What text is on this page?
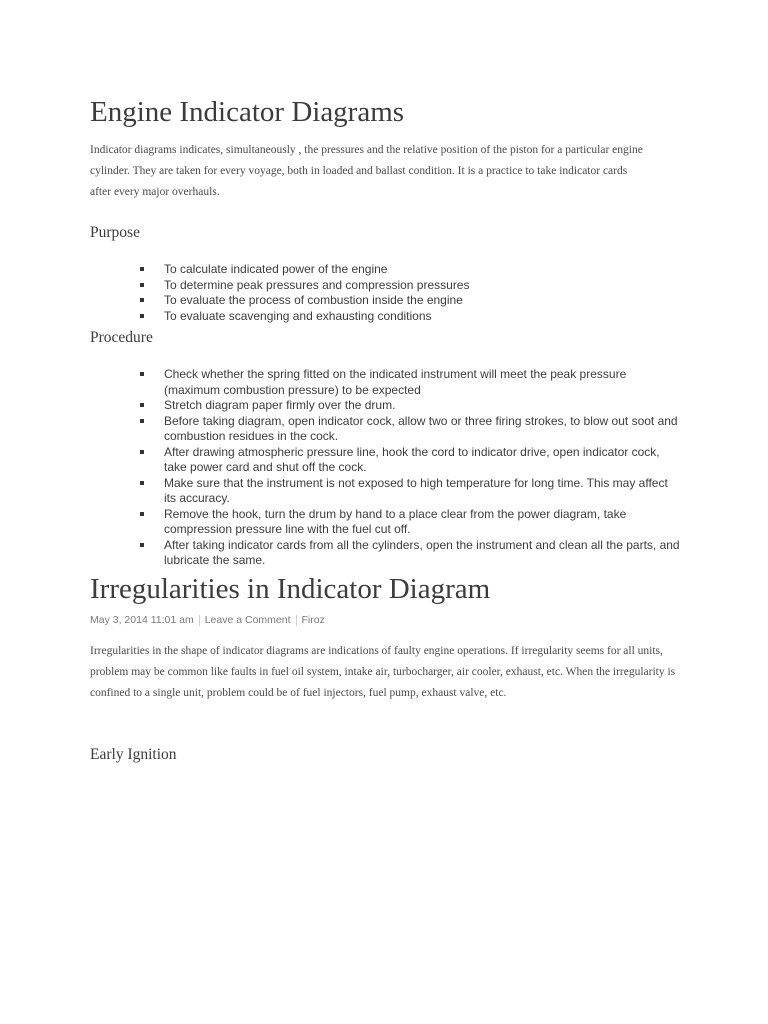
Engine Indicator Diagrams

Indicator diagrams indicates, simultaneously , the pressures and the relative position of the piston for a particular engine cylinder. They are taken for every voyage, both in loaded and ballast condition. It is a practice to take indicator cards after every major overhauls.

Purpose
To calculate indicated power of the engine
To determine peak pressures and compression pressures
To evaluate the process of combustion inside the engine
To evaluate scavenging and exhausting conditions
Procedure
Check whether the spring fitted on the indicated instrument will meet the peak pressure (maximum combustion pressure) to be expected
Stretch diagram paper firmly over the drum.
Before taking diagram, open indicator cock, allow two or three firing strokes, to blow out soot and combustion residues in the cock.
After drawing atmospheric pressure line, hook the cord to indicator drive, open indicator cock, take power card and shut off the cock.
Make sure that the instrument is not exposed to high temperature for long time. This may affect its accuracy.
Remove the hook, turn the drum by hand to a place clear from the power diagram, take compression pressure line with the fuel cut off.
After taking indicator cards from all the cylinders, open the instrument and clean all the parts, and lubricate the same.
Irregularities in Indicator Diagram
May 3, 2014 11:01 am Leave a Comment Firoz

Irregularities in the shape of indicator diagrams are indications of faulty engine operations. If irregularity seems for all units, problem may be common like faults in fuel oil system, intake air, turbocharger, air cooler, exhaust, etc. When the irregularity is confined to a single unit, problem could be of fuel injectors, fuel pump, exhaust valve, etc.

Early Ignition
